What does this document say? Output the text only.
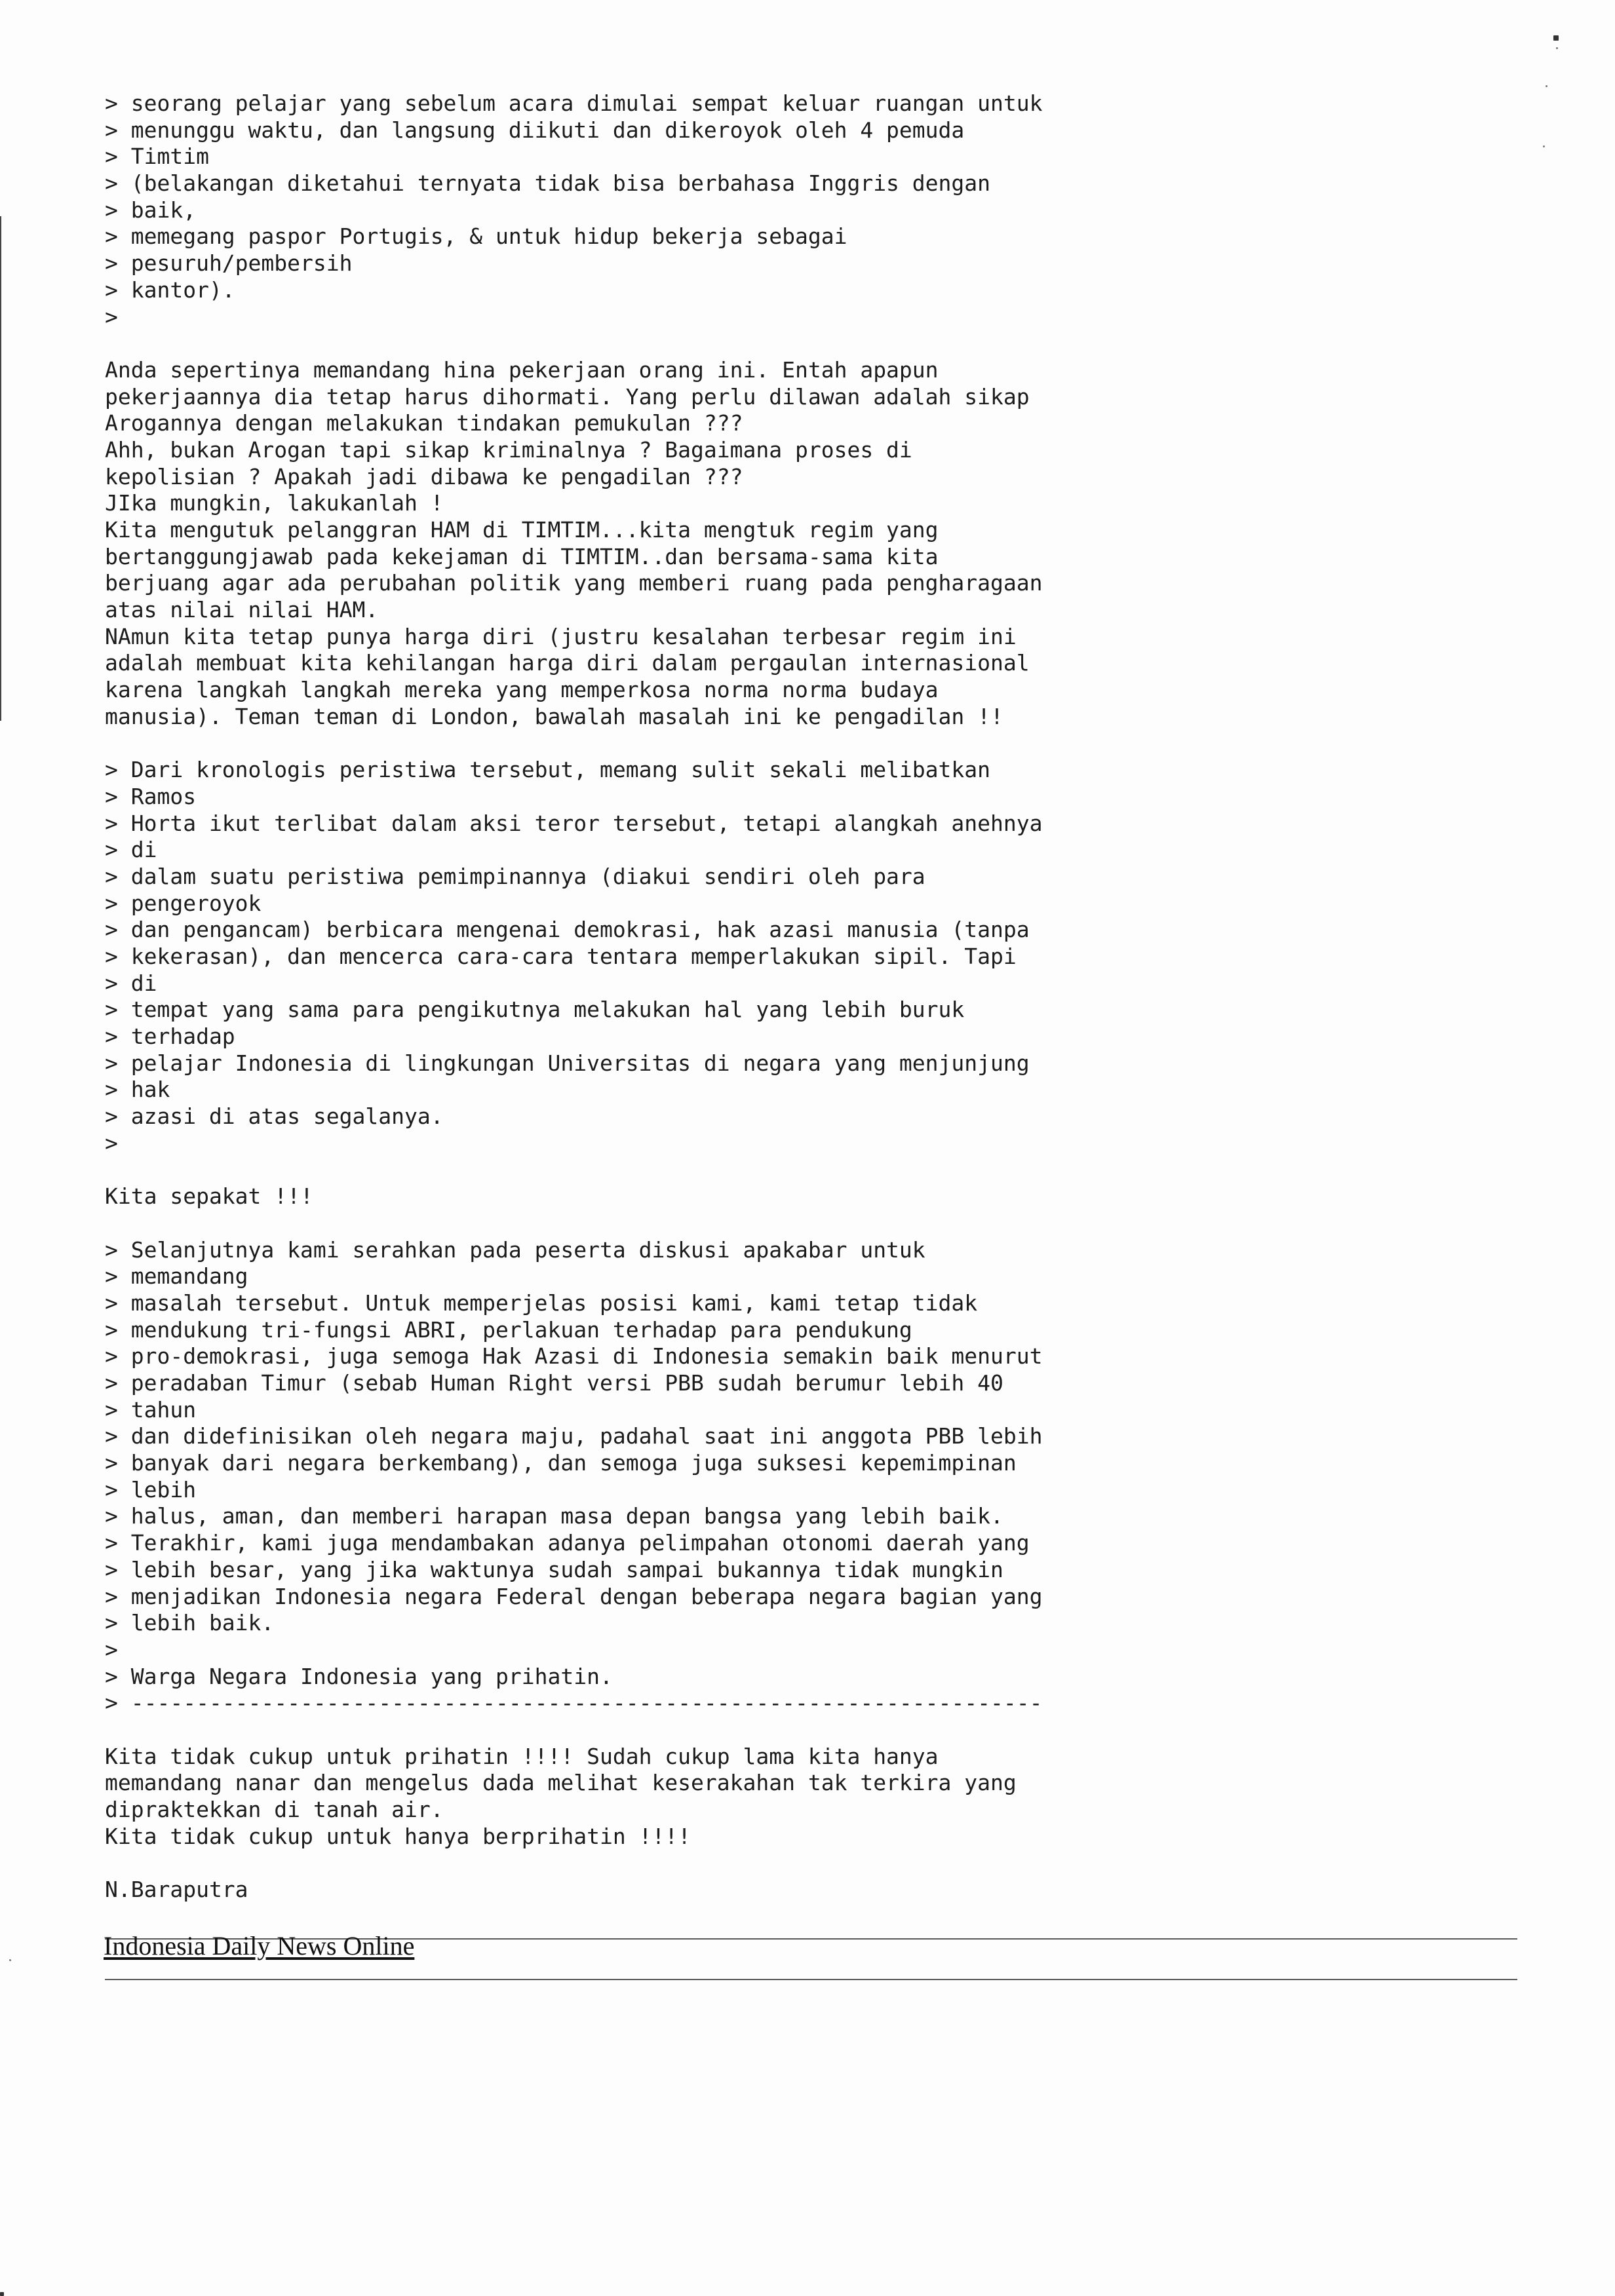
> seorang pelajar yang sebelum acara dimulai sempat keluar ruangan untuk
> menunggu waktu, dan langsung diikuti dan dikeroyok oleh 4 pemuda
> Timtim
> (belakangan diketahui ternyata tidak bisa berbahasa Inggris dengan
> baik,
> memegang paspor Portugis, & untuk hidup bekerja sebagai
> pesuruh/pembersih
> kantor).
>
Anda sepertinya memandang hina pekerjaan orang ini. Entah apapun
pekerjaannya dia tetap harus dihormati. Yang perlu dilawan adalah sikap
Arogannya dengan melakukan tindakan pemukulan ???
Ahh, bukan Arogan tapi sikap kriminalnya ? Bagaimana proses di
kepolisian ? Apakah jadi dibawa ke pengadilan ???
JIka mungkin, lakukanlah !
Kita mengutuk pelanggran HAM di TIMTIM...kita mengtuk regim yang
bertanggungjawab pada kekejaman di TIMTIM..dan bersama-sama kita
berjuang agar ada perubahan politik yang memberi ruang pada pengharagaan
atas nilai nilai HAM.
NAmun kita tetap punya harga diri (justru kesalahan terbesar regim ini
adalah membuat kita kehilangan harga diri dalam pergaulan internasional
karena langkah langkah mereka yang memperkosa norma norma budaya
manusia). Teman teman di London, bawalah masalah ini ke pengadilan !!
> Dari kronologis peristiwa tersebut, memang sulit sekali melibatkan
> Ramos
> Horta ikut terlibat dalam aksi teror tersebut, tetapi alangkah anehnya
> di
> dalam suatu peristiwa pemimpinannya (diakui sendiri oleh para
> pengeroyok
> dan pengancam) berbicara mengenai demokrasi, hak azasi manusia (tanpa
> kekerasan), dan mencerca cara-cara tentara memperlakukan sipil. Tapi
> di
> tempat yang sama para pengikutnya melakukan hal yang lebih buruk
> terhadap
> pelajar Indonesia di lingkungan Universitas di negara yang menjunjung
> hak
> azasi di atas segalanya.
>
Kita sepakat !!!
> Selanjutnya kami serahkan pada peserta diskusi apakabar untuk
> memandang
> masalah tersebut. Untuk memperjelas posisi kami, kami tetap tidak
> mendukung tri-fungsi ABRI, perlakuan terhadap para pendukung
> pro-demokrasi, juga semoga Hak Azasi di Indonesia semakin baik menurut
> peradaban Timur (sebab Human Right versi PBB sudah berumur lebih 40
> tahun
> dan didefinisikan oleh negara maju, padahal saat ini anggota PBB lebih
> banyak dari negara berkembang), dan semoga juga suksesi kepemimpinan
> lebih
> halus, aman, dan memberi harapan masa depan bangsa yang lebih baik.
> Terakhir, kami juga mendambakan adanya pelimpahan otonomi daerah yang
> lebih besar, yang jika waktunya sudah sampai bukannya tidak mungkin
> menjadikan Indonesia negara Federal dengan beberapa negara bagian yang
> lebih baik.
>
> Warga Negara Indonesia yang prihatin.
> ----------------------------------------------------------------------
Kita tidak cukup untuk prihatin !!!! Sudah cukup lama kita hanya
memandang nanar dan mengelus dada melihat keserakahan tak terkira yang
dipraktekkan di tanah air.
Kita tidak cukup untuk hanya berprihatin !!!!
N.Baraputra
Indonesia Daily News Online
